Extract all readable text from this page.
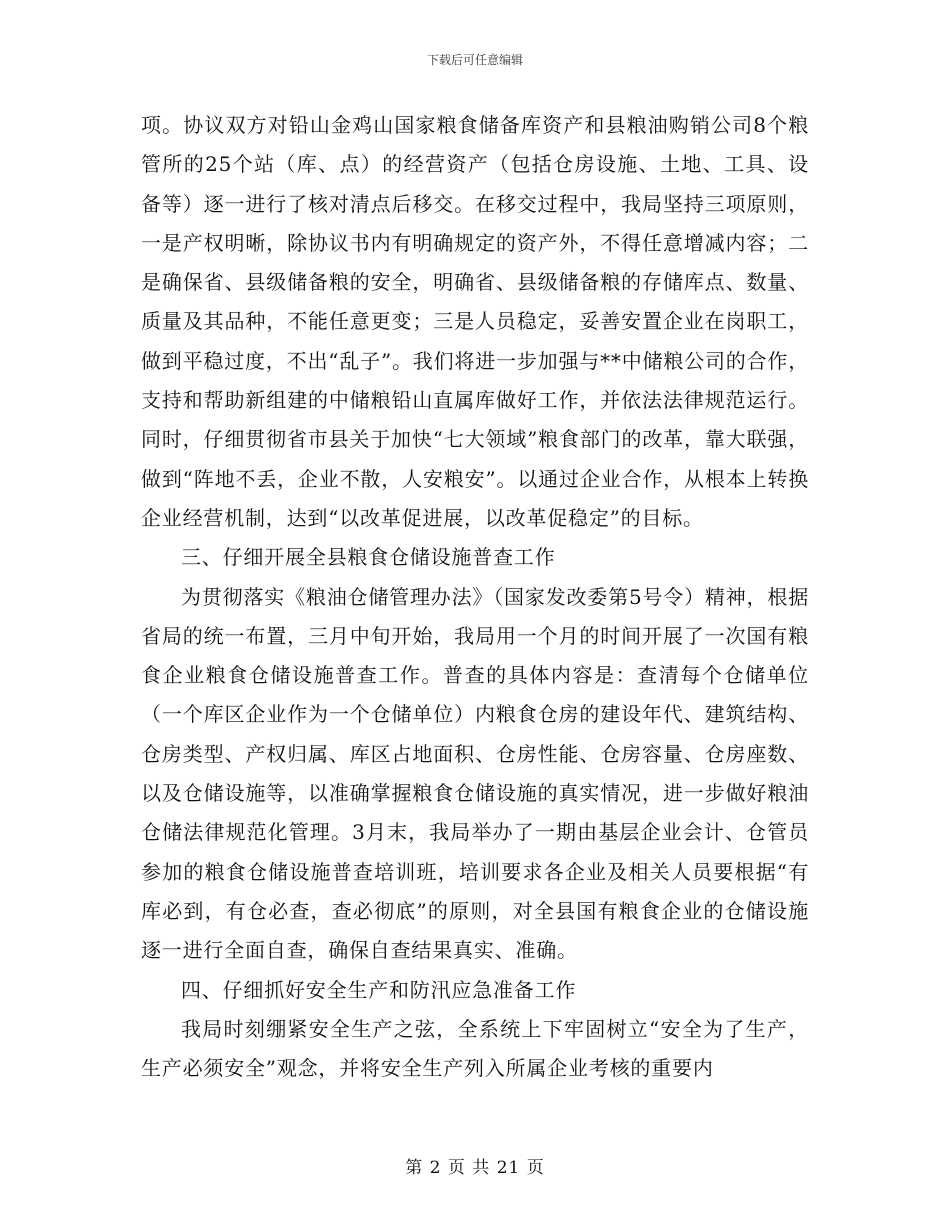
下载后可任意编辑

项。协议双方对铅山金鸡山国家粮食储备库资产和县粮油购销公司8个粮管所的25个站（库、点）的经营资产（包括仓房设施、土地、工具、设备等）逐一进行了核对清点后移交。在移交过程中，我局坚持三项原则，一是产权明晰，除协议书内有明确规定的资产外，不得任意增减内容；二是确保省、县级储备粮的安全，明确省、县级储备粮的存储库点、数量、质量及其品种，不能任意更变；三是人员稳定，妥善安置企业在岗职工，做到平稳过度，不出“乱子”。我们将进一步加强与**中储粮公司的合作，支持和帮助新组建的中储粮铅山直属库做好工作，并依法法律规范运行。同时，仔细贯彻省市县关于加快“七大领域”粮食部门的改革，靠大联强，做到“阵地不丢，企业不散，人安粮安”。以通过企业合作，从根本上转换企业经营机制，达到“以改革促进展，以改革促稳定”的目标。

三、仔细开展全县粮食仓储设施普查工作

为贯彻落实《粮油仓储管理办法》（国家发改委第5号令）精神，根据省局的统一布置，三月中旬开始，我局用一个月的时间开展了一次国有粮食企业粮食仓储设施普查工作。普查的具体内容是：查清每个仓储单位（一个库区企业作为一个仓储单位）内粮食仓房的建设年代、建筑结构、仓房类型、产权归属、库区占地面积、仓房性能、仓房容量、仓房座数、以及仓储设施等，以准确掌握粮食仓储设施的真实情况，进一步做好粮油仓储法律规范化管理。3月末，我局举办了一期由基层企业会计、仓管员参加的粮食仓储设施普查培训班，培训要求各企业及相关人员要根据“有库必到，有仓必查，查必彻底”的原则，对全县国有粮食企业的仓储设施逐一进行全面自查，确保自查结果真实、准确。

四、仔细抓好安全生产和防汛应急准备工作

我局时刻绷紧安全生产之弦，全系统上下牢固树立“安全为了生产，生产必须安全”观念，并将安全生产列入所属企业考核的重要内

第 2 页 共 21 页
